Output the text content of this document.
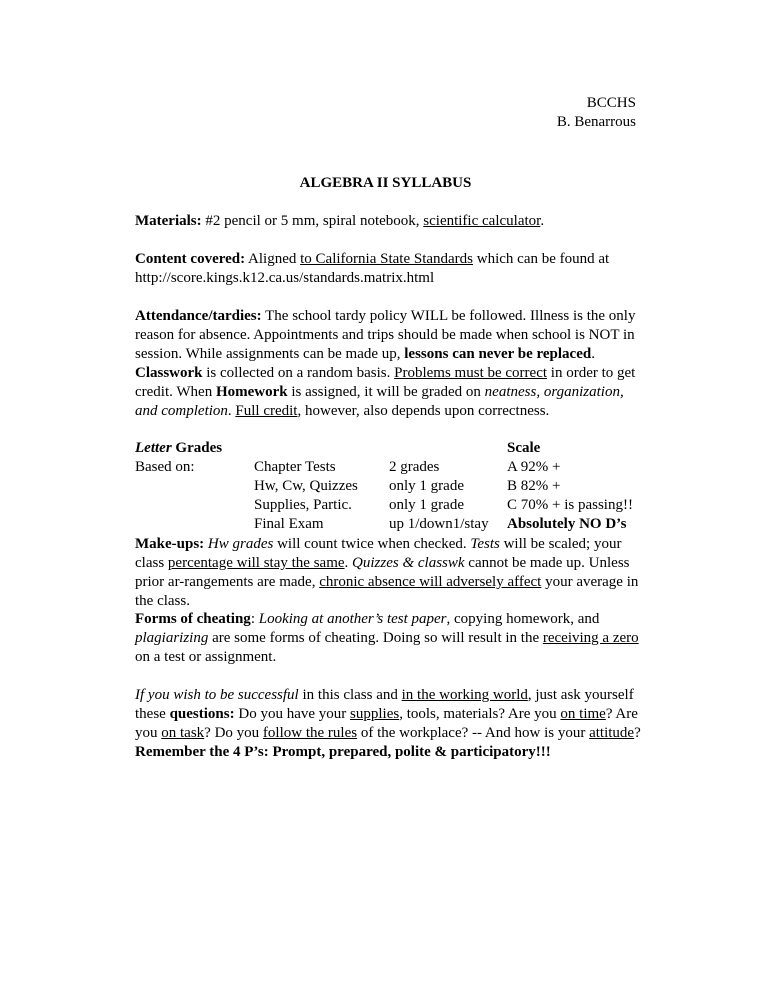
BCCHS
B. Benarrous
ALGEBRA II SYLLABUS

Materials: #2 pencil or 5 mm, spiral notebook, scientific calculator.

Content covered: Aligned to California State Standards which can be found at
http://score.kings.k12.ca.us/standards.matrix.html

Attendance/tardies: The school tardy policy WILL be followed. Illness is the only reason for absence. Appointments and trips should be made when school is NOT in session. While assignments can be made up, lessons can never be replaced.

Classwork is collected on a random basis. Problems must be correct in order to get credit. When Homework is assigned, it will be graded on neatness, organization, and completion. Full credit, however, also depends upon correctness.

Letter Grades
Based on:	Chapter Tests
Hw, Cw, Quizzes
Supplies, Partic.
Final Exam
2 grades
only 1 grade
only 1 grade
up 1/down1/stay
Scale
A 92% +
B 82% +
C 70% + is passing!!
Absolutely NO D’s

Make-ups: Hw grades will count twice when checked. Tests will be scaled; your class percentage will stay the same. Quizzes & classwk cannot be made up. Unless prior ar-rangements are made, chronic absence will adversely affect your average in the class.

Forms of cheating: Looking at another’s test paper, copying homework, and plagiarizing are some forms of cheating. Doing so will result in the receiving a zero on a test or assignment.

If you wish to be successful in this class and in the working world, just ask yourself these questions: Do you have your supplies, tools, materials? Are you on time? Are you on task? Do you follow the rules of the workplace? -- And how is your attitude?
Remember the 4 P’s: Prompt, prepared, polite & participatory!!!
